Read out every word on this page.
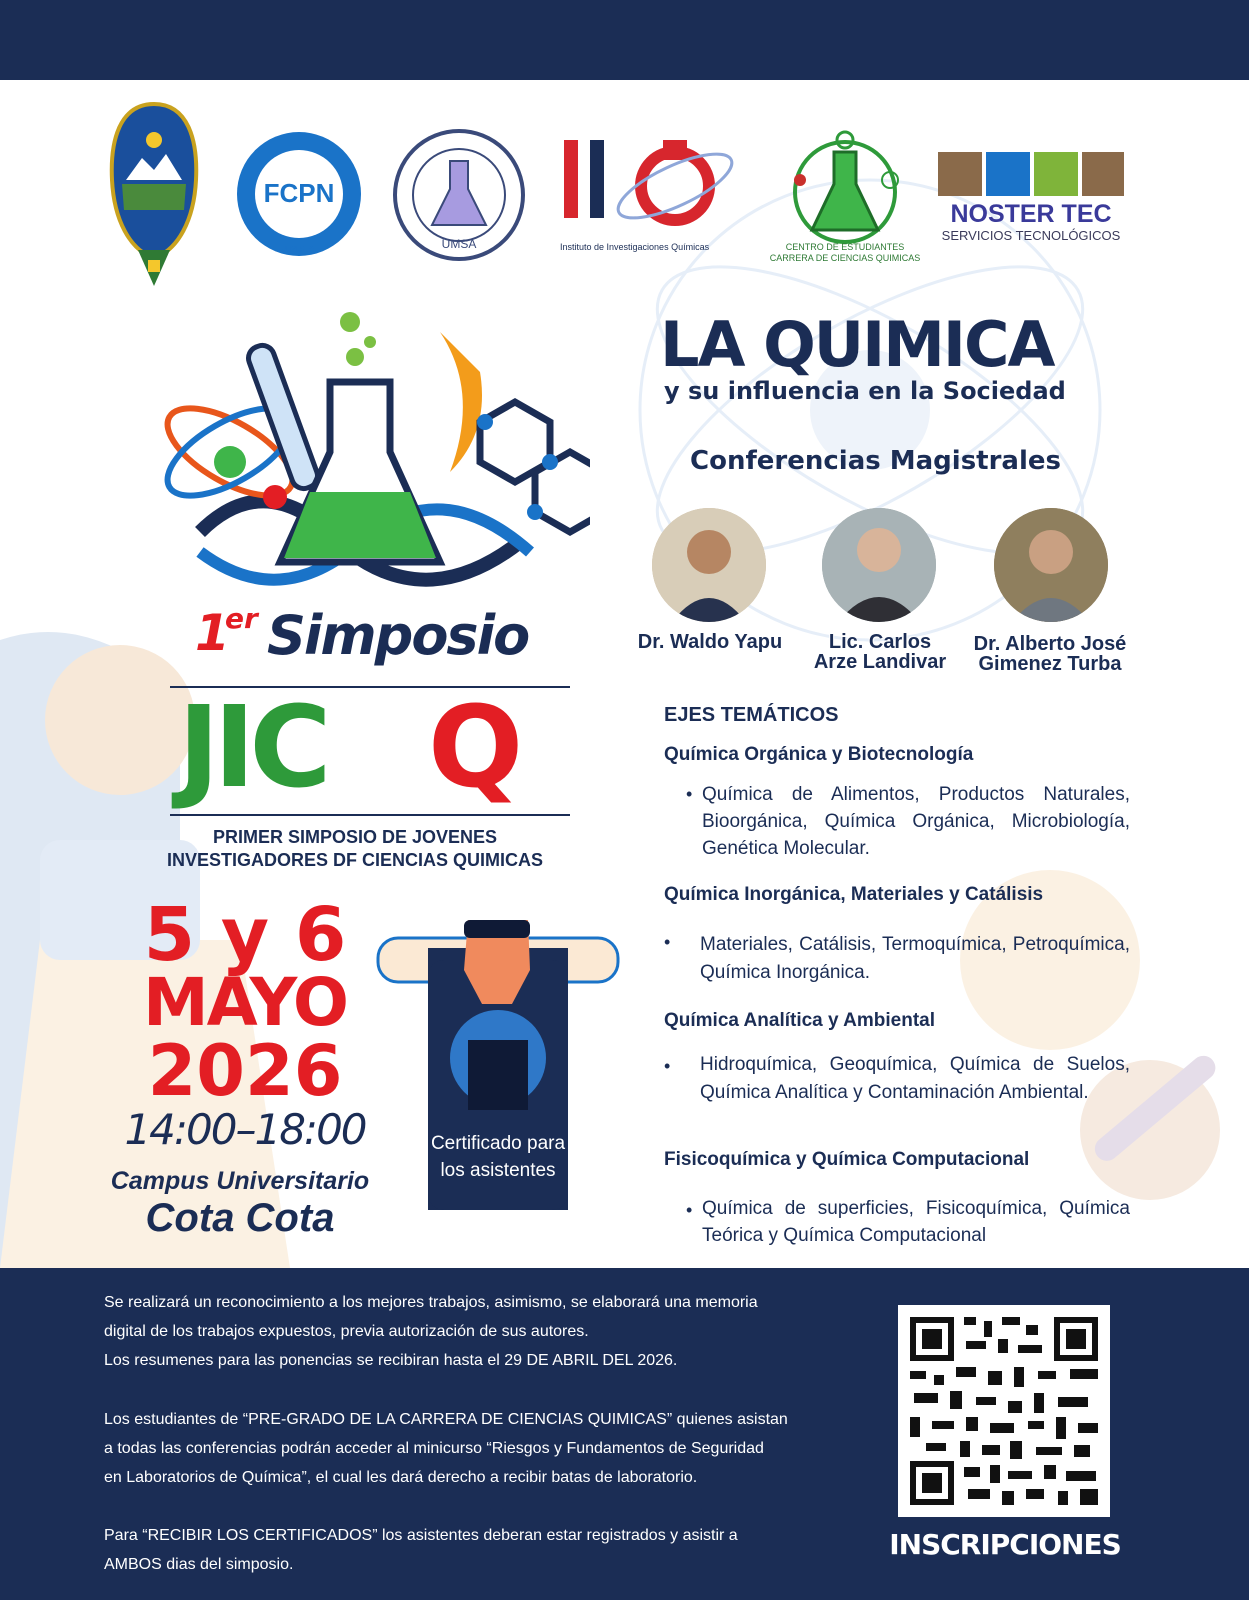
FCPN
U.M.S.A.	UMSA	Instituto de Investigaciones Químicas	CENTRO DE ESTUDIANTES
CARRERA DE CIENCIAS QUIMICAS
NOSTER TEC
SERVICIOS TECNOLÓGICOS
1
er Simposio
JIC Q
PRIMER SIMPOSIO DE JOVENES
INVESTIGADORES DF CIENCIAS QUIMICAS
5 y 6
MAYO
2026
14:00–18:00
Campus Universitario
Cota Cota
Certificado para
los asistentes
LA QUIMICA
y su influencia en la Sociedad
Conferencias Magistrales
Dr. Waldo Yapu	Lic. Carlos
Arze Landivar
Dr. Alberto José
Gimenez Turba
EJES TEMÁTICOS
Química Orgánica y Biotecnología
• Química de Alimentos, Productos Naturales, Bioorgánica, Química Orgánica, Microbiología, Genética Molecular.
Química Inorgánica, Materiales y Catálisis
• Materiales, Catálisis, Termoquímica, Petroquímica, Química Inorgánica.
Química Analítica y Ambiental
• Hidroquímica, Geoquímica, Química de Suelos, Química Analítica y Contaminación Ambiental.
Fisicoquímica y Química Computacional
• Química de superficies, Fisicoquímica, Química Teórica y Química Computacional
Se realizará un reconocimiento a los mejores trabajos, asimismo, se elaborará una memoria
digital de los trabajos expuestos, previa autorización de sus autores.
Los resumenes para las ponencias se recibiran hasta el 29 DE ABRIL DEL 2026.
Los estudiantes de “PRE-GRADO DE LA CARRERA DE CIENCIAS QUIMICAS” quienes asistan
a todas las conferencias podrán acceder al minicurso “Riesgos y Fundamentos de Seguridad
en Laboratorios de Química”, el cual les dará derecho a recibir batas de laboratorio.
Para “RECIBIR LOS CERTIFICADOS” los asistentes deberan estar registrados y asistir a
AMBOS dias del simposio.
INSCRIPCIONES
